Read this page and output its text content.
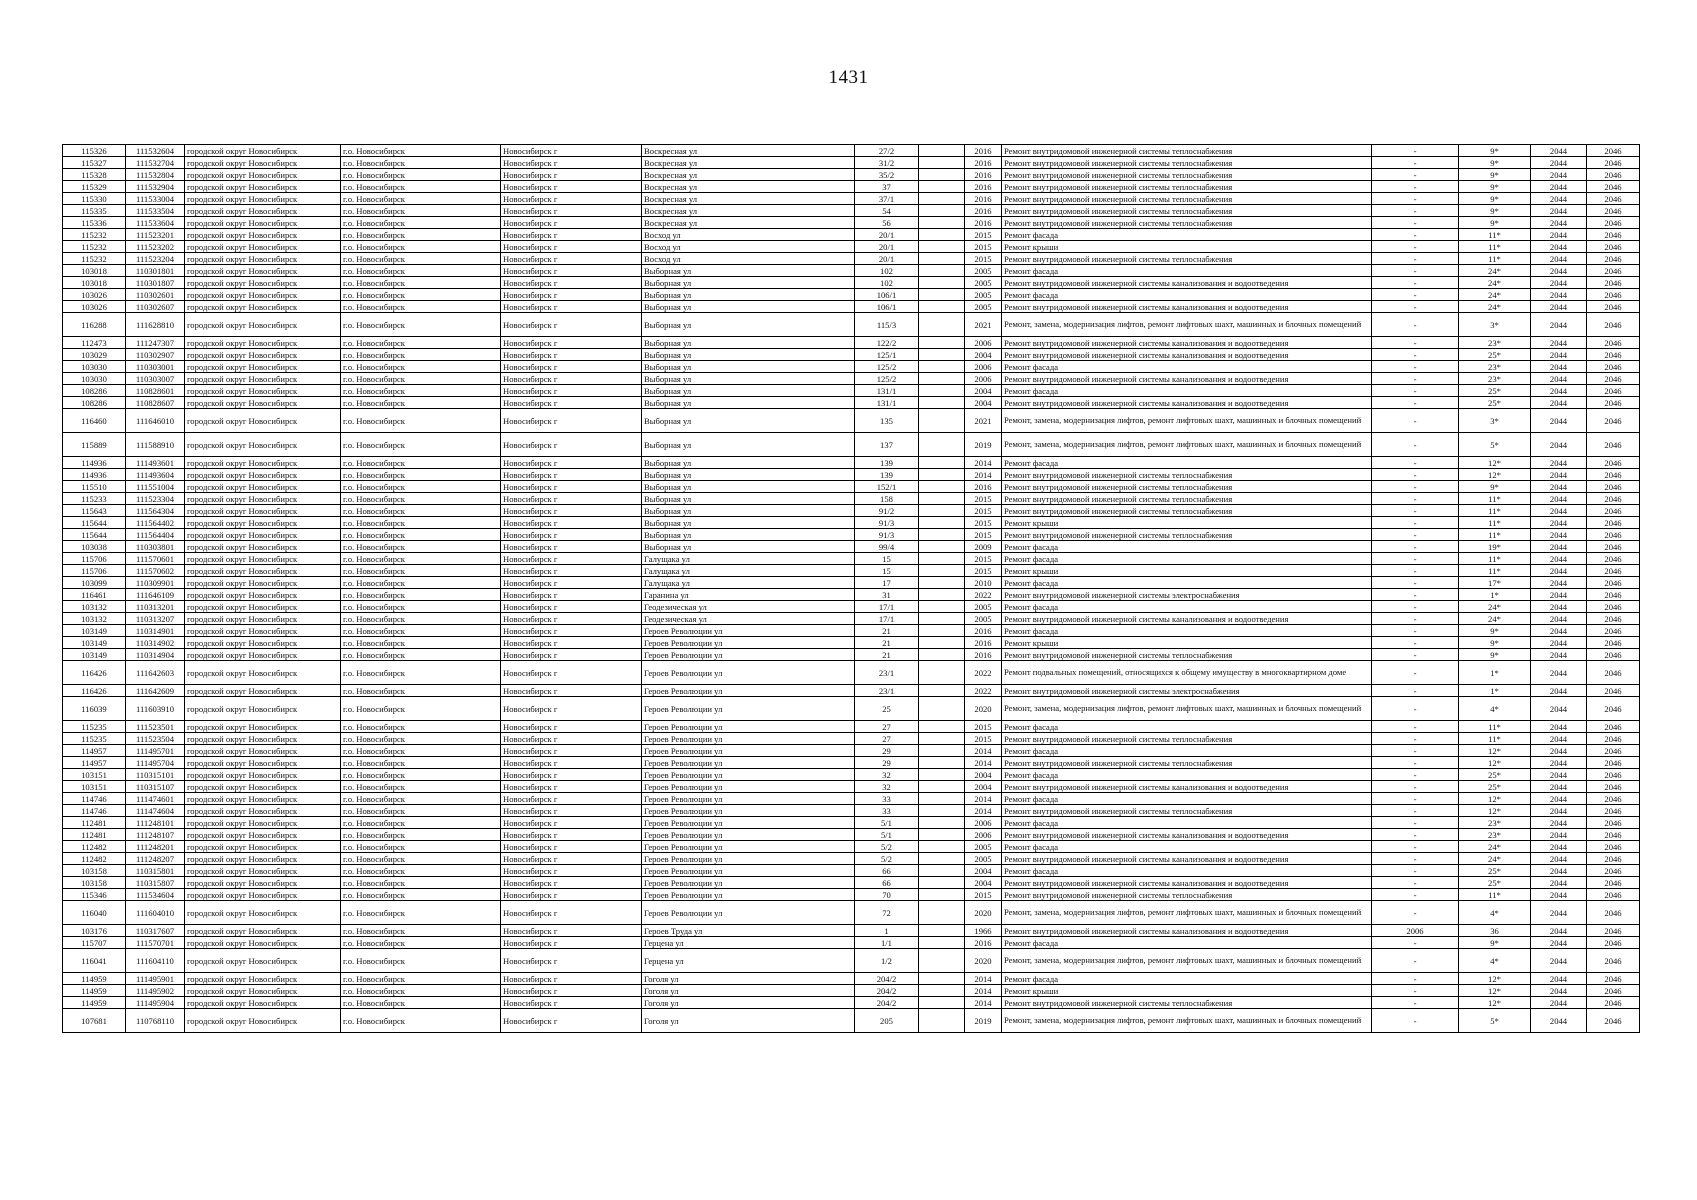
1431
115326	111532604	городской округ Новосибирск	г.о. Новосибирск	Новосибирск г	Воскресная ул	27/2		2016	Ремонт внутридомовой инженерной системы теплоснабжения	-	9*	2044	2046
115327	111532704	городской округ Новосибирск	г.о. Новосибирск	Новосибирск г	Воскресная ул	31/2		2016	Ремонт внутридомовой инженерной системы теплоснабжения	-	9*	2044	2046
115328	111532804	городской округ Новосибирск	г.о. Новосибирск	Новосибирск г	Воскресная ул	35/2		2016	Ремонт внутридомовой инженерной системы теплоснабжения	-	9*	2044	2046
115329	111532904	городской округ Новосибирск	г.о. Новосибирск	Новосибирск г	Воскресная ул	37		2016	Ремонт внутридомовой инженерной системы теплоснабжения	-	9*	2044	2046
115330	111533004	городской округ Новосибирск	г.о. Новосибирск	Новосибирск г	Воскресная ул	37/1		2016	Ремонт внутридомовой инженерной системы теплоснабжения	-	9*	2044	2046
115335	111533504	городской округ Новосибирск	г.о. Новосибирск	Новосибирск г	Воскресная ул	54		2016	Ремонт внутридомовой инженерной системы теплоснабжения	-	9*	2044	2046
115336	111533604	городской округ Новосибирск	г.о. Новосибирск	Новосибирск г	Воскресная ул	56		2016	Ремонт внутридомовой инженерной системы теплоснабжения	-	9*	2044	2046
115232	111523201	городской округ Новосибирск	г.о. Новосибирск	Новосибирск г	Восход ул	20/1		2015	Ремонт фасада	-	11*	2044	2046
115232	111523202	городской округ Новосибирск	г.о. Новосибирск	Новосибирск г	Восход ул	20/1		2015	Ремонт крыши	-	11*	2044	2046
115232	111523204	городской округ Новосибирск	г.о. Новосибирск	Новосибирск г	Восход ул	20/1		2015	Ремонт внутридомовой инженерной системы теплоснабжения	-	11*	2044	2046
103018	110301801	городской округ Новосибирск	г.о. Новосибирск	Новосибирск г	Выборная ул	102		2005	Ремонт фасада	-	24*	2044	2046
103018	110301807	городской округ Новосибирск	г.о. Новосибирск	Новосибирск г	Выборная ул	102		2005	Ремонт внутридомовой инженерной системы канализования и водоотведения	-	24*	2044	2046
103026	110302601	городской округ Новосибирск	г.о. Новосибирск	Новосибирск г	Выборная ул	106/1		2005	Ремонт фасада	-	24*	2044	2046
103026	110302607	городской округ Новосибирск	г.о. Новосибирск	Новосибирск г	Выборная ул	106/1		2005	Ремонт внутридомовой инженерной системы канализования и водоотведения	-	24*	2044	2046
116288	111628810	городской округ Новосибирск	г.о. Новосибирск	Новосибирск г	Выборная ул	115/3		2021	Ремонт, замена, модернизация лифтов, ремонт лифтовых шахт, машинных и блочных помещений	-	3*	2044	2046
112473	111247307	городской округ Новосибирск	г.о. Новосибирск	Новосибирск г	Выборная ул	122/2		2006	Ремонт внутридомовой инженерной системы канализования и водоотведения	-	23*	2044	2046
103029	110302907	городской округ Новосибирск	г.о. Новосибирск	Новосибирск г	Выборная ул	125/1		2004	Ремонт внутридомовой инженерной системы канализования и водоотведения	-	25*	2044	2046
103030	110303001	городской округ Новосибирск	г.о. Новосибирск	Новосибирск г	Выборная ул	125/2		2006	Ремонт фасада	-	23*	2044	2046
103030	110303007	городской округ Новосибирск	г.о. Новосибирск	Новосибирск г	Выборная ул	125/2		2006	Ремонт внутридомовой инженерной системы канализования и водоотведения	-	23*	2044	2046
108286	110828601	городской округ Новосибирск	г.о. Новосибирск	Новосибирск г	Выборная ул	131/1		2004	Ремонт фасада	-	25*	2044	2046
108286	110828607	городской округ Новосибирск	г.о. Новосибирск	Новосибирск г	Выборная ул	131/1		2004	Ремонт внутридомовой инженерной системы канализования и водоотведения	-	25*	2044	2046
116460	111646010	городской округ Новосибирск	г.о. Новосибирск	Новосибирск г	Выборная ул	135		2021	Ремонт, замена, модернизация лифтов, ремонт лифтовых шахт, машинных и блочных помещений	-	3*	2044	2046
115889	111588910	городской округ Новосибирск	г.о. Новосибирск	Новосибирск г	Выборная ул	137		2019	Ремонт, замена, модернизация лифтов, ремонт лифтовых шахт, машинных и блочных помещений	-	5*	2044	2046
114936	111493601	городской округ Новосибирск	г.о. Новосибирск	Новосибирск г	Выборная ул	139		2014	Ремонт фасада	-	12*	2044	2046
114936	111493604	городской округ Новосибирск	г.о. Новосибирск	Новосибирск г	Выборная ул	139		2014	Ремонт внутридомовой инженерной системы теплоснабжения	-	12*	2044	2046
115510	111551004	городской округ Новосибирск	г.о. Новосибирск	Новосибирск г	Выборная ул	152/1		2016	Ремонт внутридомовой инженерной системы теплоснабжения	-	9*	2044	2046
115233	111523304	городской округ Новосибирск	г.о. Новосибирск	Новосибирск г	Выборная ул	158		2015	Ремонт внутридомовой инженерной системы теплоснабжения	-	11*	2044	2046
115643	111564304	городской округ Новосибирск	г.о. Новосибирск	Новосибирск г	Выборная ул	91/2		2015	Ремонт внутридомовой инженерной системы теплоснабжения	-	11*	2044	2046
115644	111564402	городской округ Новосибирск	г.о. Новосибирск	Новосибирск г	Выборная ул	91/3		2015	Ремонт крыши	-	11*	2044	2046
115644	111564404	городской округ Новосибирск	г.о. Новосибирск	Новосибирск г	Выборная ул	91/3		2015	Ремонт внутридомовой инженерной системы теплоснабжения	-	11*	2044	2046
103038	110303801	городской округ Новосибирск	г.о. Новосибирск	Новосибирск г	Выборная ул	99/4		2009	Ремонт фасада	-	19*	2044	2046
115706	111570601	городской округ Новосибирск	г.о. Новосибирск	Новосибирск г	Галущака ул	15		2015	Ремонт фасада	-	11*	2044	2046
115706	111570602	городской округ Новосибирск	г.о. Новосибирск	Новосибирск г	Галущака ул	15		2015	Ремонт крыши	-	11*	2044	2046
103099	110309901	городской округ Новосибирск	г.о. Новосибирск	Новосибирск г	Галущака ул	17		2010	Ремонт фасада	-	17*	2044	2046
116461	111646109	городской округ Новосибирск	г.о. Новосибирск	Новосибирск г	Гаранина ул	31		2022	Ремонт внутридомовой инженерной системы электроснабжения	-	1*	2044	2046
103132	110313201	городской округ Новосибирск	г.о. Новосибирск	Новосибирск г	Геодезическая ул	17/1		2005	Ремонт фасада	-	24*	2044	2046
103132	110313207	городской округ Новосибирск	г.о. Новосибирск	Новосибирск г	Геодезическая ул	17/1		2005	Ремонт внутридомовой инженерной системы канализования и водоотведения	-	24*	2044	2046
103149	110314901	городской округ Новосибирск	г.о. Новосибирск	Новосибирск г	Героев Революции ул	21		2016	Ремонт фасада	-	9*	2044	2046
103149	110314902	городской округ Новосибирск	г.о. Новосибирск	Новосибирск г	Героев Революции ул	21		2016	Ремонт крыши	-	9*	2044	2046
103149	110314904	городской округ Новосибирск	г.о. Новосибирск	Новосибирск г	Героев Революции ул	21		2016	Ремонт внутридомовой инженерной системы теплоснабжения	-	9*	2044	2046
116426	111642603	городской округ Новосибирск	г.о. Новосибирск	Новосибирск г	Героев Революции ул	23/1		2022	Ремонт подвальных помещений, относящихся к общему имуществу в многоквартирном доме	-	1*	2044	2046
116426	111642609	городской округ Новосибирск	г.о. Новосибирск	Новосибирск г	Героев Революции ул	23/1		2022	Ремонт внутридомовой инженерной системы электроснабжения	-	1*	2044	2046
116039	111603910	городской округ Новосибирск	г.о. Новосибирск	Новосибирск г	Героев Революции ул	25		2020	Ремонт, замена, модернизация лифтов, ремонт лифтовых шахт, машинных и блочных помещений	-	4*	2044	2046
115235	111523501	городской округ Новосибирск	г.о. Новосибирск	Новосибирск г	Героев Революции ул	27		2015	Ремонт фасада	-	11*	2044	2046
115235	111523504	городской округ Новосибирск	г.о. Новосибирск	Новосибирск г	Героев Революции ул	27		2015	Ремонт внутридомовой инженерной системы теплоснабжения	-	11*	2044	2046
114957	111495701	городской округ Новосибирск	г.о. Новосибирск	Новосибирск г	Героев Революции ул	29		2014	Ремонт фасада	-	12*	2044	2046
114957	111495704	городской округ Новосибирск	г.о. Новосибирск	Новосибирск г	Героев Революции ул	29		2014	Ремонт внутридомовой инженерной системы теплоснабжения	-	12*	2044	2046
103151	110315101	городской округ Новосибирск	г.о. Новосибирск	Новосибирск г	Героев Революции ул	32		2004	Ремонт фасада	-	25*	2044	2046
103151	110315107	городской округ Новосибирск	г.о. Новосибирск	Новосибирск г	Героев Революции ул	32		2004	Ремонт внутридомовой инженерной системы канализования и водоотведения	-	25*	2044	2046
114746	111474601	городской округ Новосибирск	г.о. Новосибирск	Новосибирск г	Героев Революции ул	33		2014	Ремонт фасада	-	12*	2044	2046
114746	111474604	городской округ Новосибирск	г.о. Новосибирск	Новосибирск г	Героев Революции ул	33		2014	Ремонт внутридомовой инженерной системы теплоснабжения	-	12*	2044	2046
112481	111248101	городской округ Новосибирск	г.о. Новосибирск	Новосибирск г	Героев Революции ул	5/1		2006	Ремонт фасада	-	23*	2044	2046
112481	111248107	городской округ Новосибирск	г.о. Новосибирск	Новосибирск г	Героев Революции ул	5/1		2006	Ремонт внутридомовой инженерной системы канализования и водоотведения	-	23*	2044	2046
112482	111248201	городской округ Новосибирск	г.о. Новосибирск	Новосибирск г	Героев Революции ул	5/2		2005	Ремонт фасада	-	24*	2044	2046
112482	111248207	городской округ Новосибирск	г.о. Новосибирск	Новосибирск г	Героев Революции ул	5/2		2005	Ремонт внутридомовой инженерной системы канализования и водоотведения	-	24*	2044	2046
103158	110315801	городской округ Новосибирск	г.о. Новосибирск	Новосибирск г	Героев Революции ул	66		2004	Ремонт фасада	-	25*	2044	2046
103158	110315807	городской округ Новосибирск	г.о. Новосибирск	Новосибирск г	Героев Революции ул	66		2004	Ремонт внутридомовой инженерной системы канализования и водоотведения	-	25*	2044	2046
115346	111534604	городской округ Новосибирск	г.о. Новосибирск	Новосибирск г	Героев Революции ул	70		2015	Ремонт внутридомовой инженерной системы теплоснабжения	-	11*	2044	2046
116040	111604010	городской округ Новосибирск	г.о. Новосибирск	Новосибирск г	Героев Революции ул	72		2020	Ремонт, замена, модернизация лифтов, ремонт лифтовых шахт, машинных и блочных помещений	-	4*	2044	2046
103176	110317607	городской округ Новосибирск	г.о. Новосибирск	Новосибирск г	Героев Труда ул	1		1966	Ремонт внутридомовой инженерной системы канализования и водоотведения	2006	36	2044	2046
115707	111570701	городской округ Новосибирск	г.о. Новосибирск	Новосибирск г	Герцена ул	1/1		2016	Ремонт фасада	-	9*	2044	2046
116041	111604110	городской округ Новосибирск	г.о. Новосибирск	Новосибирск г	Герцена ул	1/2		2020	Ремонт, замена, модернизация лифтов, ремонт лифтовых шахт, машинных и блочных помещений	-	4*	2044	2046
114959	111495901	городской округ Новосибирск	г.о. Новосибирск	Новосибирск г	Гоголя ул	204/2		2014	Ремонт фасада	-	12*	2044	2046
114959	111495902	городской округ Новосибирск	г.о. Новосибирск	Новосибирск г	Гоголя ул	204/2		2014	Ремонт крыши	-	12*	2044	2046
114959	111495904	городской округ Новосибирск	г.о. Новосибирск	Новосибирск г	Гоголя ул	204/2		2014	Ремонт внутридомовой инженерной системы теплоснабжения	-	12*	2044	2046
107681	110768110	городской округ Новосибирск	г.о. Новосибирск	Новосибирск г	Гоголя ул	205		2019	Ремонт, замена, модернизация лифтов, ремонт лифтовых шахт, машинных и блочных помещений	-	5*	2044	2046
